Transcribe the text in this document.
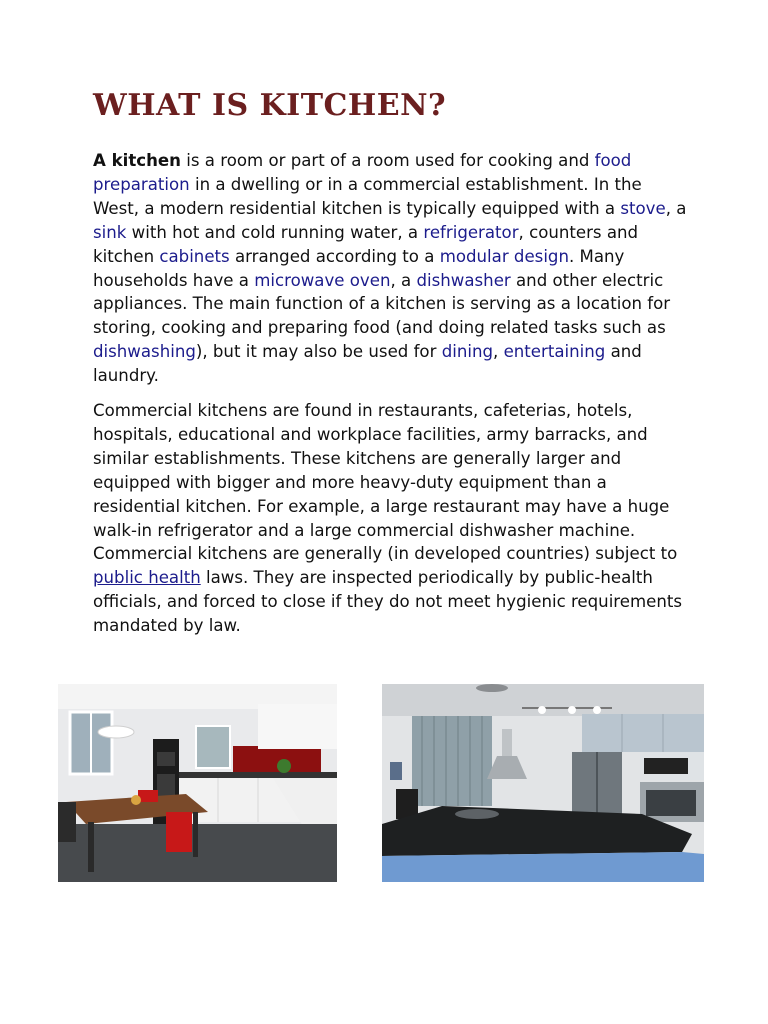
WHAT IS KITCHEN?

A kitchen is a room or part of a room used for cooking and food preparation in a dwelling or in a commercial establishment. In the West, a modern residential kitchen is typically equipped with a stove, a sink with hot and cold running water, a refrigerator, counters and kitchen cabinets arranged according to a modular design. Many households have a microwave oven, a dishwasher and other electric appliances. The main function of a kitchen is serving as a location for storing, cooking and preparing food (and doing related tasks such as dishwashing), but it may also be used for dining, entertaining and laundry.

Commercial kitchens are found in restaurants, cafeterias, hotels, hospitals, educational and workplace facilities, army barracks, and similar establishments. These kitchens are generally larger and equipped with bigger and more heavy-duty equipment than a residential kitchen. For example, a large restaurant may have a huge walk-in refrigerator and a large commercial dishwasher machine. Commercial kitchens are generally (in developed countries) subject to public health laws. They are inspected periodically by public-health officials, and forced to close if they do not meet hygienic requirements mandated by law.
